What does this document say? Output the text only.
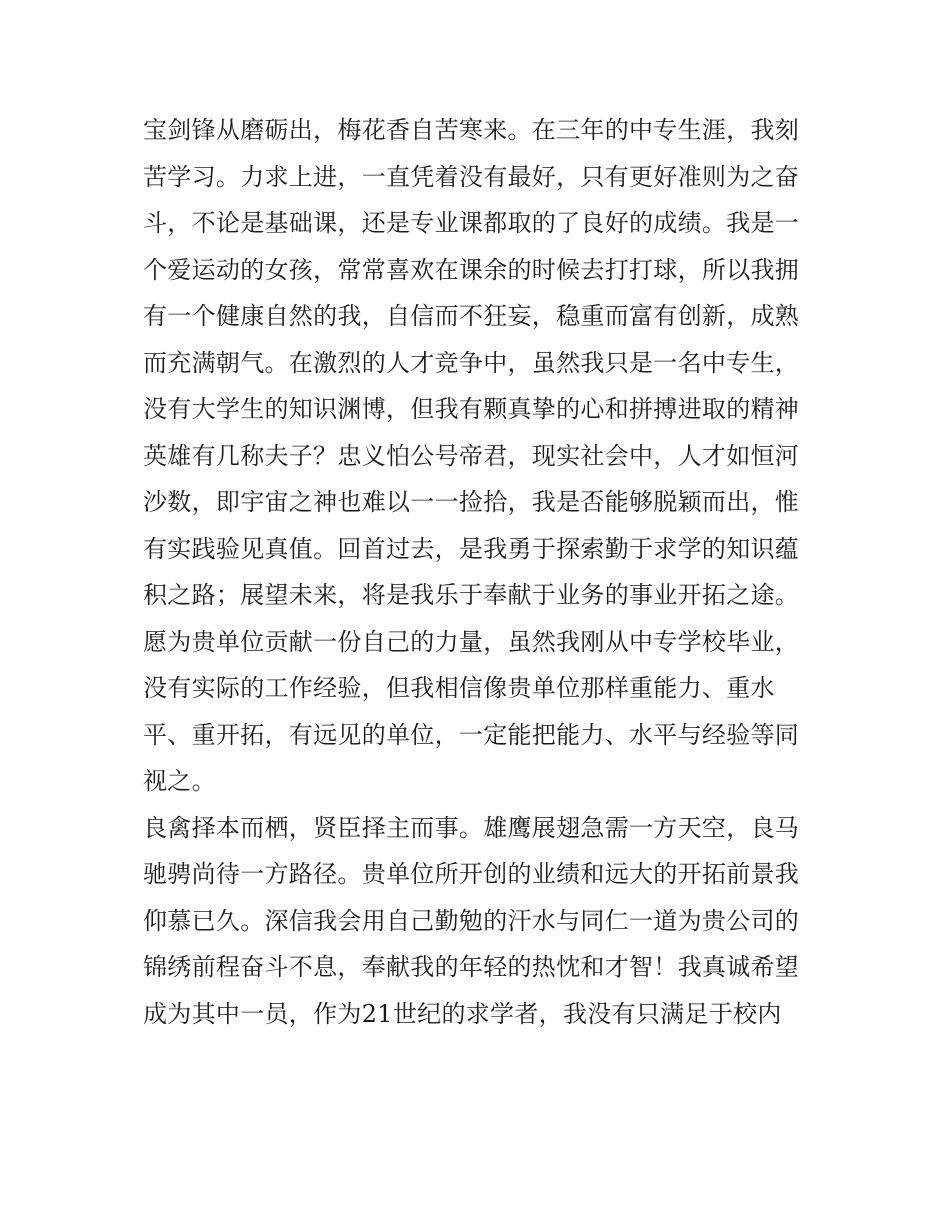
宝剑锋从磨砺出，梅花香自苦寒来。在三年的中专生涯，我刻
苦学习。力求上进，一直凭着没有最好，只有更好准则为之奋
斗，不论是基础课，还是专业课都取的了良好的成绩。我是一
个爱运动的女孩，常常喜欢在课余的时候去打打球，所以我拥
有一个健康自然的我，自信而不狂妄，稳重而富有创新，成熟
而充满朝气。在激烈的人才竞争中，虽然我只是一名中专生，
没有大学生的知识渊博，但我有颗真挚的心和拼搏进取的精神
英雄有几称夫子？忠义怕公号帝君，现实社会中，人才如恒河
沙数，即宇宙之神也难以一一捡拾，我是否能够脱颖而出，惟
有实践验见真值。回首过去，是我勇于探索勤于求学的知识蕴
积之路；展望未来，将是我乐于奉献于业务的事业开拓之途。
愿为贵单位贡献一份自己的力量，虽然我刚从中专学校毕业，
没有实际的工作经验，但我相信像贵单位那样重能力、重水
平、重开拓，有远见的单位，一定能把能力、水平与经验等同
视之。
良禽择本而栖，贤臣择主而事。雄鹰展翅急需一方天空，良马
驰骋尚待一方路径。贵单位所开创的业绩和远大的开拓前景我
仰慕已久。深信我会用自己勤勉的汗水与同仁一道为贵公司的
锦绣前程奋斗不息，奉献我的年轻的热忱和才智！我真诚希望
成为其中一员，作为21世纪的求学者，我没有只满足于校内
